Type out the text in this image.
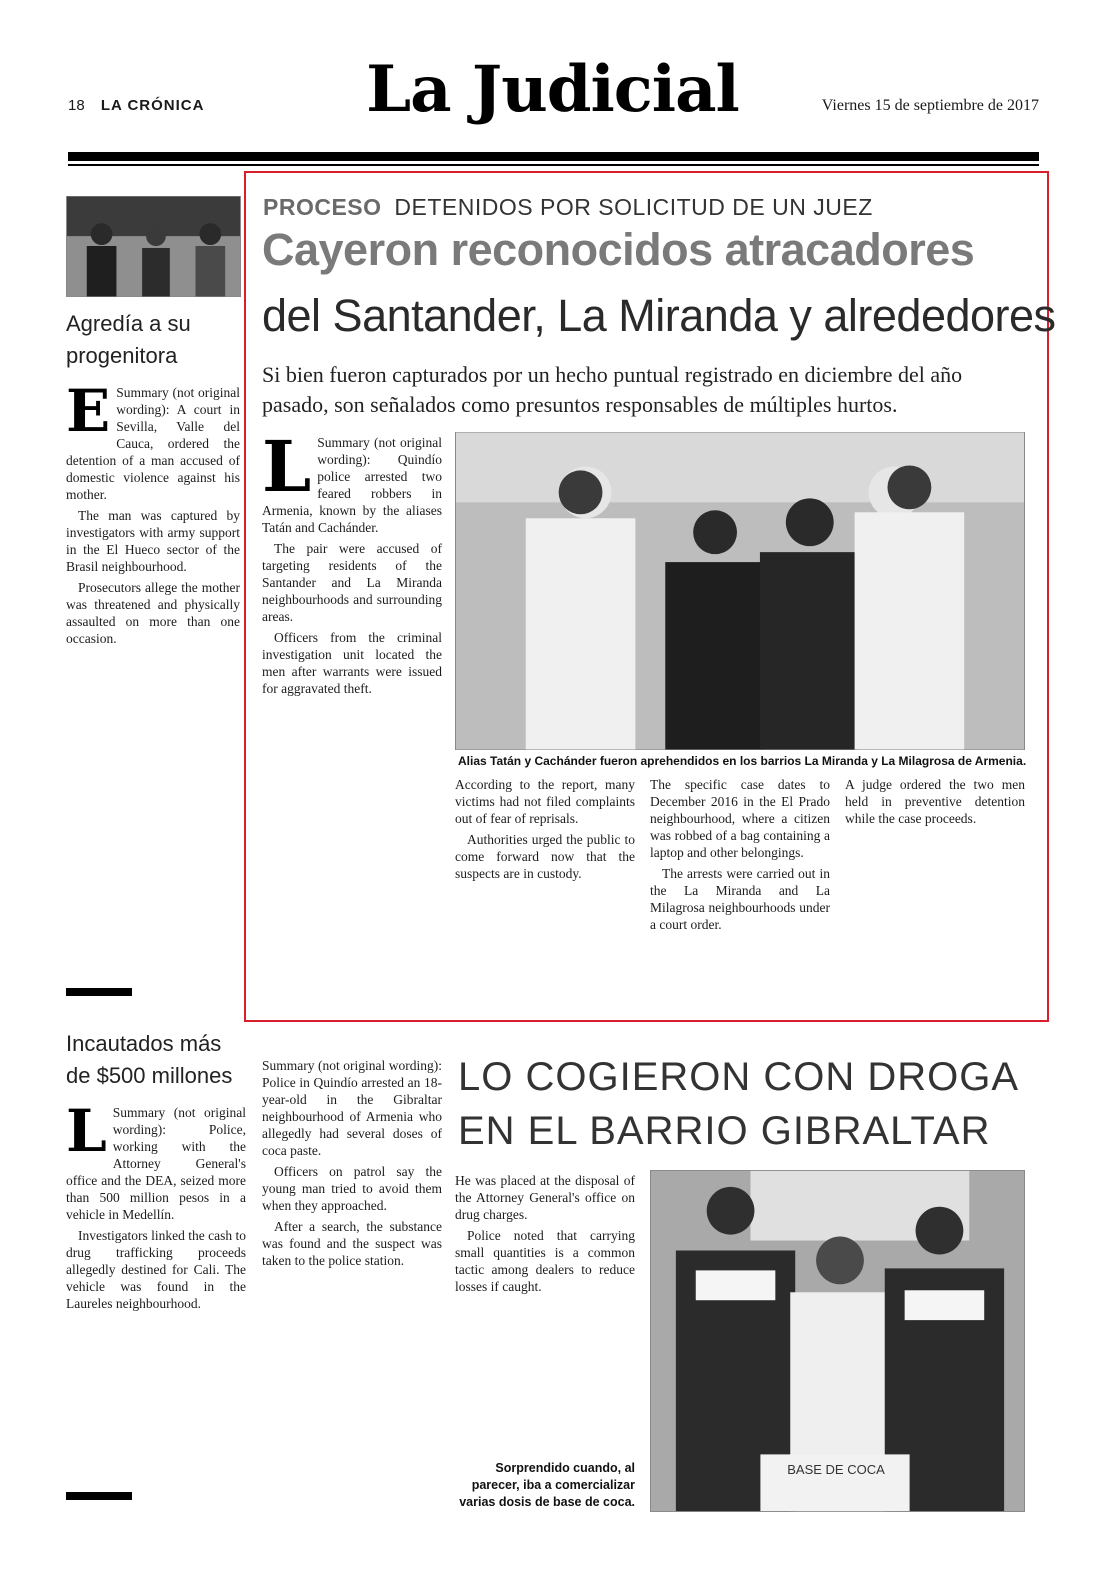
18 LA CRÓNICA	La Judicial	Viernes 15 de septiembre de 2017
Agredía a su progenitora
E Summary (not original wording): A court in Sevilla, Valle del Cauca, ordered the detention of a man accused of domestic violence against his mother.

The man was captured by investigators with army support in the El Hueco sector of the Brasil neighbourhood.

Prosecutors allege the mother was threatened and physically assaulted on more than one occasion.

Incautados más de $500 millones
L Summary (not original wording): Police, working with the Attorney General's office and the DEA, seized more than 500 million pesos in a vehicle in Medellín.

Investigators linked the cash to drug trafficking proceeds allegedly destined for Cali. The vehicle was found in the Laureles neighbourhood.

PROCESO DETENIDOS POR SOLICITUD DE UN JUEZ
Cayeron reconocidos atracadores
del Santander, La Miranda y alrededores
Si bien fueron capturados por un hecho puntual registrado en diciembre del año pasado, son señalados como presuntos responsables de múltiples hurtos.
L Summary (not original wording): Quindío police arrested two feared robbers in Armenia, known by the aliases Tatán and Cachánder.

The pair were accused of targeting residents of the Santander and La Miranda neighbourhoods and surrounding areas.

Officers from the criminal investigation unit located the men after warrants were issued for aggravated theft.

Alias Tatán y Cachánder fueron aprehendidos en los barrios La Miranda y La Milagrosa de Armenia.

According to the report, many victims had not filed complaints out of fear of reprisals.

Authorities urged the public to come forward now that the suspects are in custody.

The specific case dates to December 2016 in the El Prado neighbourhood, where a citizen was robbed of a bag containing a laptop and other belongings.

The arrests were carried out in the La Miranda and La Milagrosa neighbourhoods under a court order.

A judge ordered the two men held in preventive detention while the case proceeds.

Summary (not original wording): Police in Quindío arrested an 18-year-old in the Gibraltar neighbourhood of Armenia who allegedly had several doses of coca paste.

Officers on patrol say the young man tried to avoid them when they approached.

After a search, the substance was found and the suspect was taken to the police station.

LO COGIERON CON DROGA
EN EL BARRIO GIBRALTAR

He was placed at the disposal of the Attorney General's office on drug charges.

Police noted that carrying small quantities is a common tactic among dealers to reduce losses if caught.

Sorprendido cuando, al parecer, iba a comercializar varias dosis de base de coca.
BASE DE COCA
